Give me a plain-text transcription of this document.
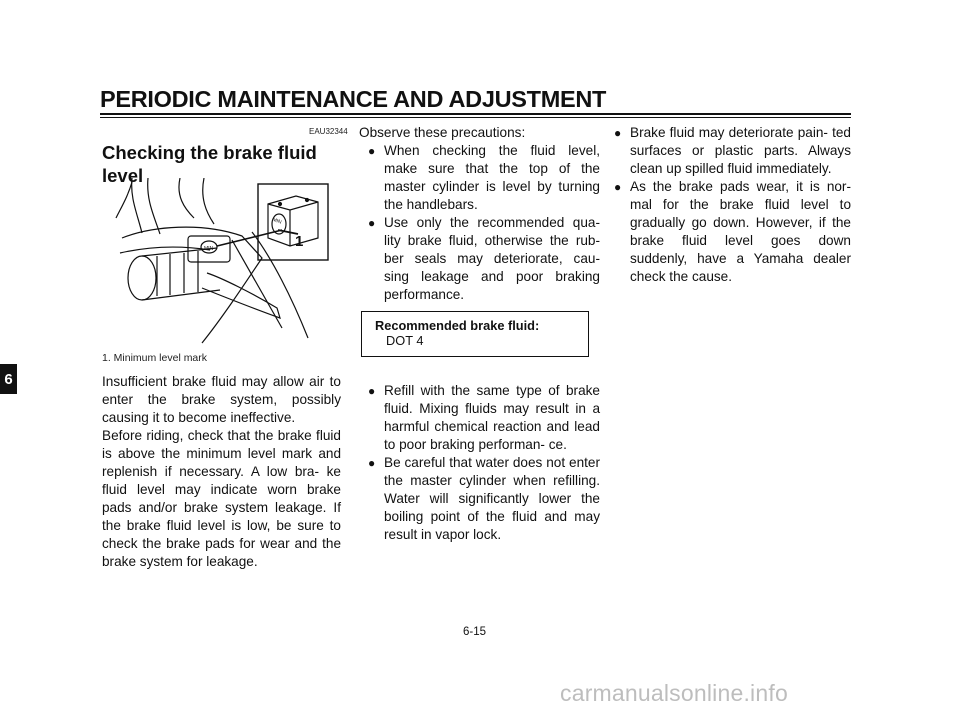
PERIODIC MAINTENANCE AND ADJUSTMENT
6
EAU32344
Checking the brake fluid level
MIN
MIN
1
1. Minimum level mark

Insufficient brake fluid may allow air to enter the brake system, possibly causing it to become ineffective.

Before riding, check that the brake fluid is above the minimum level mark and replenish if necessary. A low bra- ke fluid level may indicate worn brake pads and/or brake system leakage. If the brake fluid level is low, be sure to check the brake pads for wear and the brake system for leakage.

Observe these precautions:
● When checking the fluid level, make sure that the top of the master cylinder is level by turning the handlebars.
● Use only the recommended qua- lity brake fluid, otherwise the rub- ber seals may deteriorate, cau- sing leakage and poor braking performance.
Recommended brake fluid:
DOT 4
● Refill with the same type of brake fluid. Mixing fluids may result in a harmful chemical reaction and lead to poor braking performan- ce.
● Be careful that water does not enter the master cylinder when refilling. Water will significantly lower the boiling point of the fluid and may result in vapor lock.
● Brake fluid may deteriorate pain- ted surfaces or plastic parts. Always clean up spilled fluid immediately.
● As the brake pads wear, it is nor- mal for the brake fluid level to gradually go down. However, if the brake fluid level goes down suddenly, have a Yamaha dealer check the cause.
6-15
carmanualsonline.info
